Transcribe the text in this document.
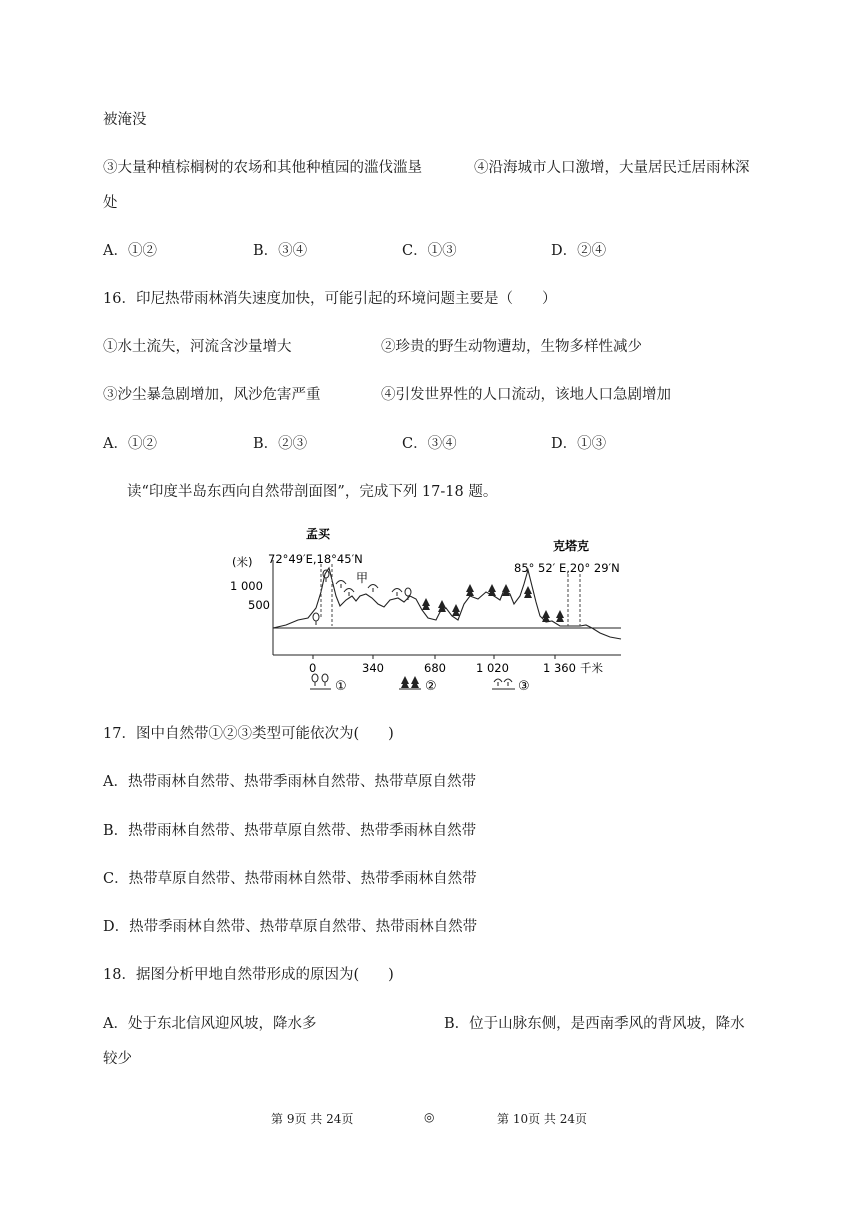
被淹没
③大量种植棕榈树的农场和其他种植园的滥伐滥垦	④沿海城市人口激增，大量居民迁居雨林深
处
A．①②	B．③④	C．①③	D．②④
16．印尼热带雨林消失速度加快，可能引起的环境问题主要是（　　）
①水土流失，河流含沙量增大	②珍贵的野生动物遭劫，生物多样性减少
③沙尘暴急剧增加，风沙危害严重	④引发世界性的人口流动，该地人口急剧增加
A．①②	B．②③	C．③④	D．①③
读“印度半岛东西向自然带剖面图”，完成下列 17-18 题。
孟买
72°49′E,18°45′N
克塔克
85° 52′ E,20° 29′N
(米)
1 000
500
甲
0	340	680	1 020	1 360 千米
①	②	③
17．图中自然带①②③类型可能依次为(　　)
A．热带雨林自然带、热带季雨林自然带、热带草原自然带
B．热带雨林自然带、热带草原自然带、热带季雨林自然带
C．热带草原自然带、热带雨林自然带、热带季雨林自然带
D．热带季雨林自然带、热带草原自然带、热带雨林自然带
18．据图分析甲地自然带形成的原因为(　　)
A．处于东北信风迎风坡，降水多	B．位于山脉东侧，是西南季风的背风坡，降水
较少
第 9页 共 24页	◎	第 10页 共 24页
